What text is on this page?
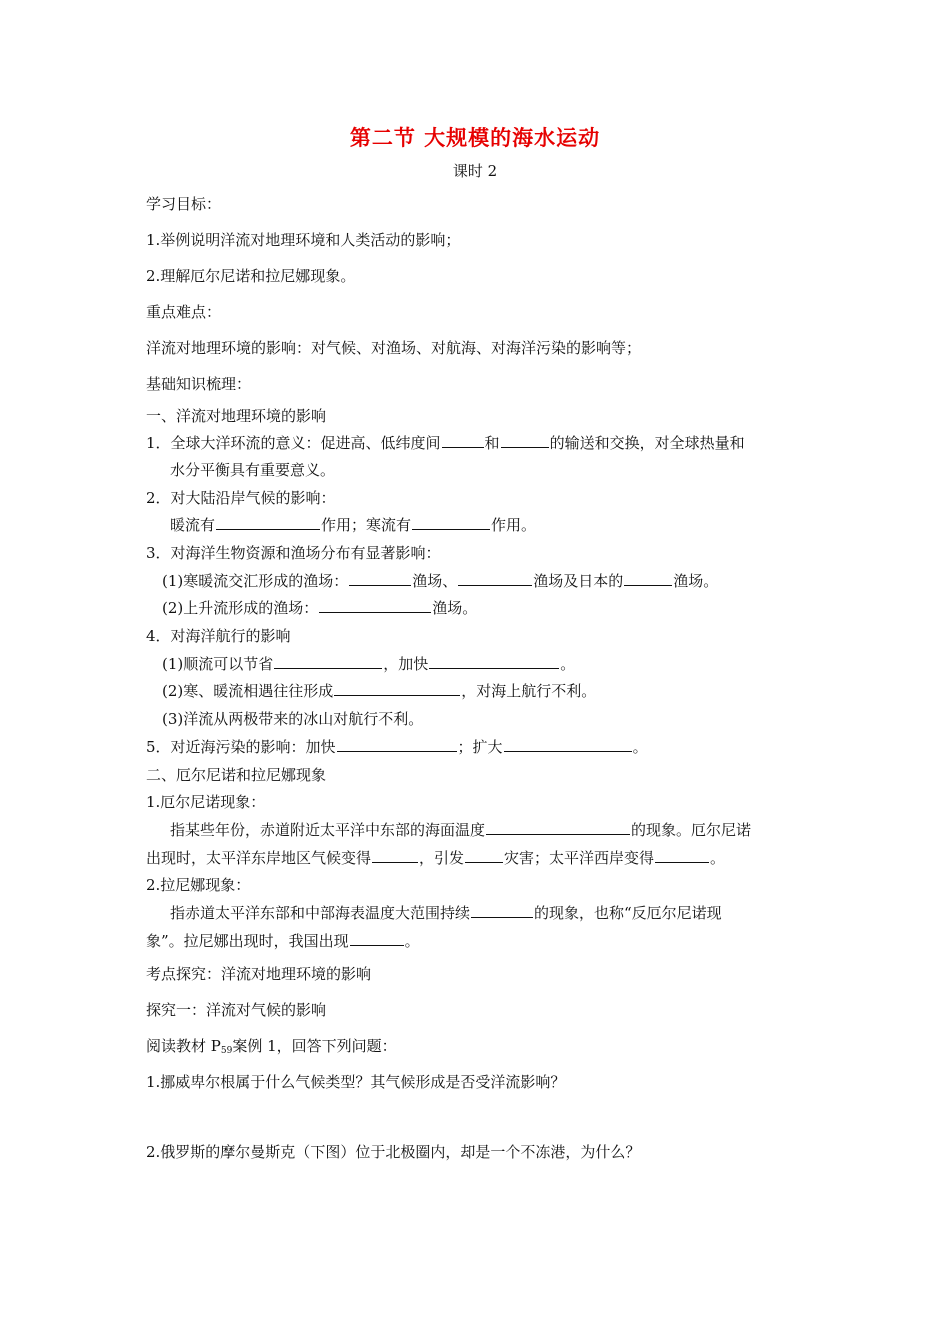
第二节 大规模的海水运动
课时 2
学习目标：
1.举例说明洋流对地理环境和人类活动的影响；
2.理解厄尔尼诺和拉尼娜现象。
重点难点：
洋流对地理环境的影响：对气候、对渔场、对航海、对海洋污染的影响等；
基础知识梳理：
一、洋流对地理环境的影响
1．全球大洋环流的意义：促进高、低纬度间	和	的输送和交换，对全球热量和
水分平衡具有重要意义。
2．对大陆沿岸气候的影响：
暖流有	作用；寒流有	作用。
3．对海洋生物资源和渔场分布有显著影响：
(1)寒暖流交汇形成的渔场：	渔场、	渔场及日本的	渔场。
(2)上升流形成的渔场：	渔场。
4．对海洋航行的影响
(1)顺流可以节省	，加快	。
(2)寒、暖流相遇往往形成	，对海上航行不利。
(3)洋流从两极带来的冰山对航行不利。
5．对近海污染的影响：加快	；扩大	。
二、厄尔尼诺和拉尼娜现象
1.厄尔尼诺现象：
指某些年份，赤道附近太平洋中东部的海面温度	的现象。厄尔尼诺
出现时，太平洋东岸地区气候变得	，引发	灾害；太平洋西岸变得	。
2.拉尼娜现象：
指赤道太平洋东部和中部海表温度大范围持续	的现象，也称“反厄尔尼诺现
象”。拉尼娜出现时，我国出现	。
考点探究：洋流对地理环境的影响
探究一：洋流对气候的影响
阅读教材 $P_{59}$案例 1，回答下列问题：
1.挪威卑尔根属于什么气候类型？其气候形成是否受洋流影响？
2.俄罗斯的摩尔曼斯克（下图）位于北极圈内，却是一个不冻港，为什么？
